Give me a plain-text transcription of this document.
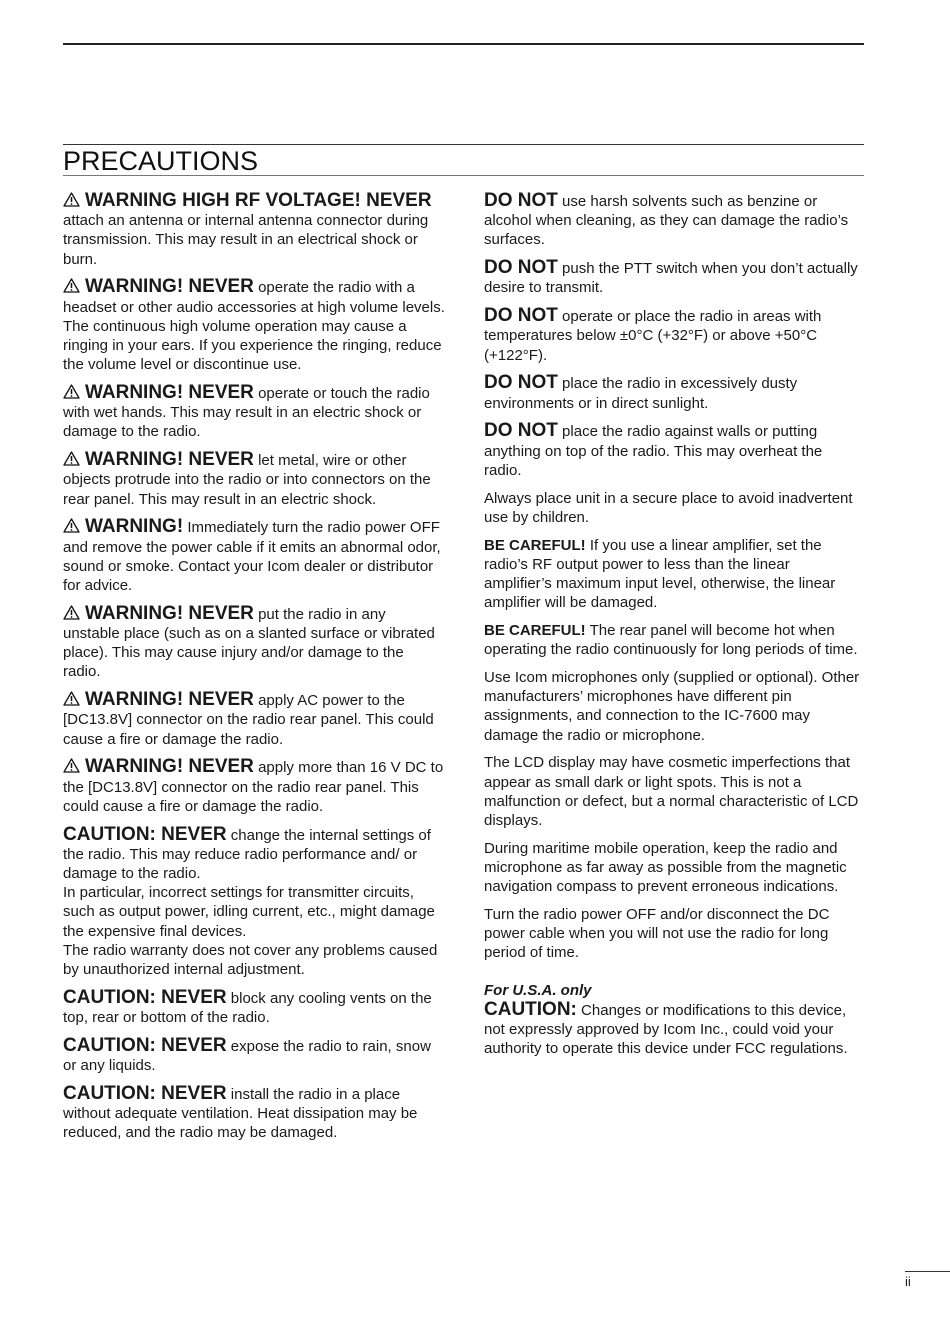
PRECAUTIONS

WARNING HIGH RF VOLTAGE! NEVER attach an antenna or internal antenna connector during transmission. This may result in an electrical shock or burn.

WARNING! NEVER operate the radio with a headset or other audio accessories at high volume levels. The continuous high volume operation may cause a ringing in your ears. If you experience the ringing, reduce the volume level or discontinue use.

WARNING! NEVER operate or touch the radio with wet hands. This may result in an electric shock or damage to the radio.

WARNING! NEVER let metal, wire or other objects protrude into the radio or into connectors on the rear panel. This may result in an electric shock.

WARNING! Immediately turn the radio power OFF and remove the power cable if it emits an abnormal odor, sound or smoke. Contact your Icom dealer or distributor for advice.

WARNING! NEVER put the radio in any unstable place (such as on a slanted surface or vibrated place). This may cause injury and/or damage to the radio.

WARNING! NEVER apply AC power to the [DC13.8V] connector on the radio rear panel. This could cause a fire or damage the radio.

WARNING! NEVER apply more than 16 V DC to the [DC13.8V] connector on the radio rear panel. This could cause a fire or damage the radio.

CAUTION: NEVER change the internal settings of the radio. This may reduce radio performance and/ or damage to the radio.
In particular, incorrect settings for transmitter circuits, such as output power, idling current, etc., might damage the expensive final devices.
The radio warranty does not cover any problems caused by unauthorized internal adjustment.

CAUTION: NEVER block any cooling vents on the top, rear or bottom of the radio.

CAUTION: NEVER expose the radio to rain, snow or any liquids.

CAUTION: NEVER install the radio in a place without adequate ventilation. Heat dissipation may be reduced, and the radio may be damaged.

DO NOT use harsh solvents such as benzine or alcohol when cleaning, as they can damage the radio’s surfaces.

DO NOT push the PTT switch when you don’t actually desire to transmit.

DO NOT operate or place the radio in areas with temperatures below ±0°C (+32°F) or above +50°C (+122°F).

DO NOT place the radio in excessively dusty environments or in direct sunlight.

DO NOT place the radio against walls or putting anything on top of the radio. This may overheat the radio.

Always place unit in a secure place to avoid inadvertent use by children.

BE CAREFUL! If you use a linear amplifier, set the radio’s RF output power to less than the linear amplifier’s maximum input level, otherwise, the linear amplifier will be damaged.

BE CAREFUL! The rear panel will become hot when operating the radio continuously for long periods of time.

Use Icom microphones only (supplied or optional). Other manufacturers’ microphones have different pin assignments, and connection to the IC-7600 may damage the radio or microphone.

The LCD display may have cosmetic imperfections that appear as small dark or light spots. This is not a malfunction or defect, but a normal characteristic of LCD displays.

During maritime mobile operation, keep the radio and microphone as far away as possible from the magnetic navigation compass to prevent erroneous indications.

Turn the radio power OFF and/or disconnect the DC power cable when you will not use the radio for long period of time.

For U.S.A. only

CAUTION: Changes or modifications to this device, not expressly approved by Icom Inc., could void your authority to operate this device under FCC regulations.

ii
